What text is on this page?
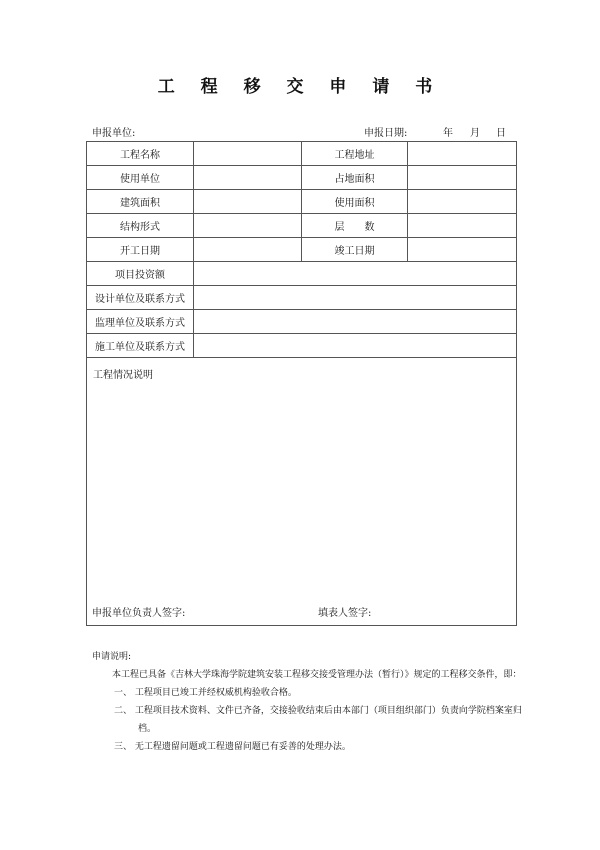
工 程 移 交 申 请 书
申报单位:	申报日期:	年 月 日
工程名称		工程地址	
使用单位		占地面积	
建筑面积		使用面积	
结构形式		层　　数	
开工日期		竣工日期	
项目投资额			
设计单位及联系方式			
监理单位及联系方式			
施工单位及联系方式			
工程情况说明			
申报单位负责人签字:	填表人签字:
申请说明:
本工程已具备《吉林大学珠海学院建筑安装工程移交接受管理办法（暂行）》规定的工程移交条件，即：
一、 工程项目已竣工并经权威机构验收合格。
二、 工程项目技术资料、文件已齐备，交接验收结束后由本部门（项目组织部门）负责向学院档案室归
档。
三、 无工程遗留问题或工程遗留问题已有妥善的处理办法。
